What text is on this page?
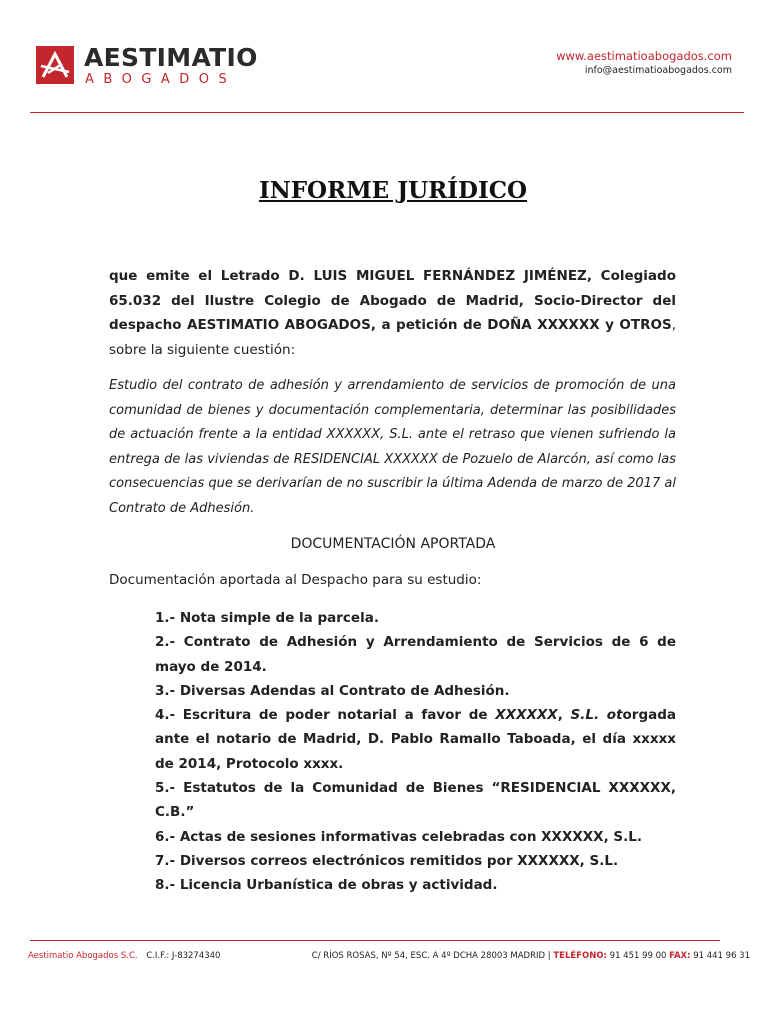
AESTIMATIO
ABOGADOS
www.aestimatioabogados.com
info@aestimatioabogados.com
INFORME JURÍDICO
que emite el Letrado D. LUIS MIGUEL FERNÁNDEZ JIMÉNEZ, Colegiado 65.032 del Ilustre Colegio de Abogado de Madrid, Socio-Director del despacho AESTIMATIO ABOGADOS, a petición de DOÑA XXXXXX y OTROS, sobre la siguiente cuestión:
Estudio del contrato de adhesión y arrendamiento de servicios de promoción de una comunidad de bienes y documentación complementaria, determinar las posibilidades de actuación frente a la entidad XXXXXX, S.L. ante el retraso que vienen sufriendo la entrega de las viviendas de RESIDENCIAL XXXXXX de Pozuelo de Alarcón, así como las consecuencias que se derivarían de no suscribir la última Adenda de marzo de 2017 al Contrato de Adhesión.
DOCUMENTACIÓN APORTADA
Documentación aportada al Despacho para su estudio:
1.- Nota simple de la parcela.
2.- Contrato de Adhesión y Arrendamiento de Servicios de 6 de mayo de 2014.
3.- Diversas Adendas al Contrato de Adhesión.
4.- Escritura de poder notarial a favor de XXXXXX, S.L. otorgada ante el notario de Madrid, D. Pablo Ramallo Taboada, el día xxxxx de 2014, Protocolo xxxx.
5.- Estatutos de la Comunidad de Bienes “RESIDENCIAL XXXXXX, C.B.”
6.- Actas de sesiones informativas celebradas con XXXXXX, S.L.
7.- Diversos correos electrónicos remitidos por XXXXXX, S.L.
8.- Licencia Urbanística de obras y actividad.
Aestimatio Abogados S.C. C.I.F.: J-83274340	C/ RÍOS ROSAS, Nº 54, ESC. A 4º DCHA 28003 MADRID | TELÉFONO: 91 451 99 00 FAX: 91 441 96 31
